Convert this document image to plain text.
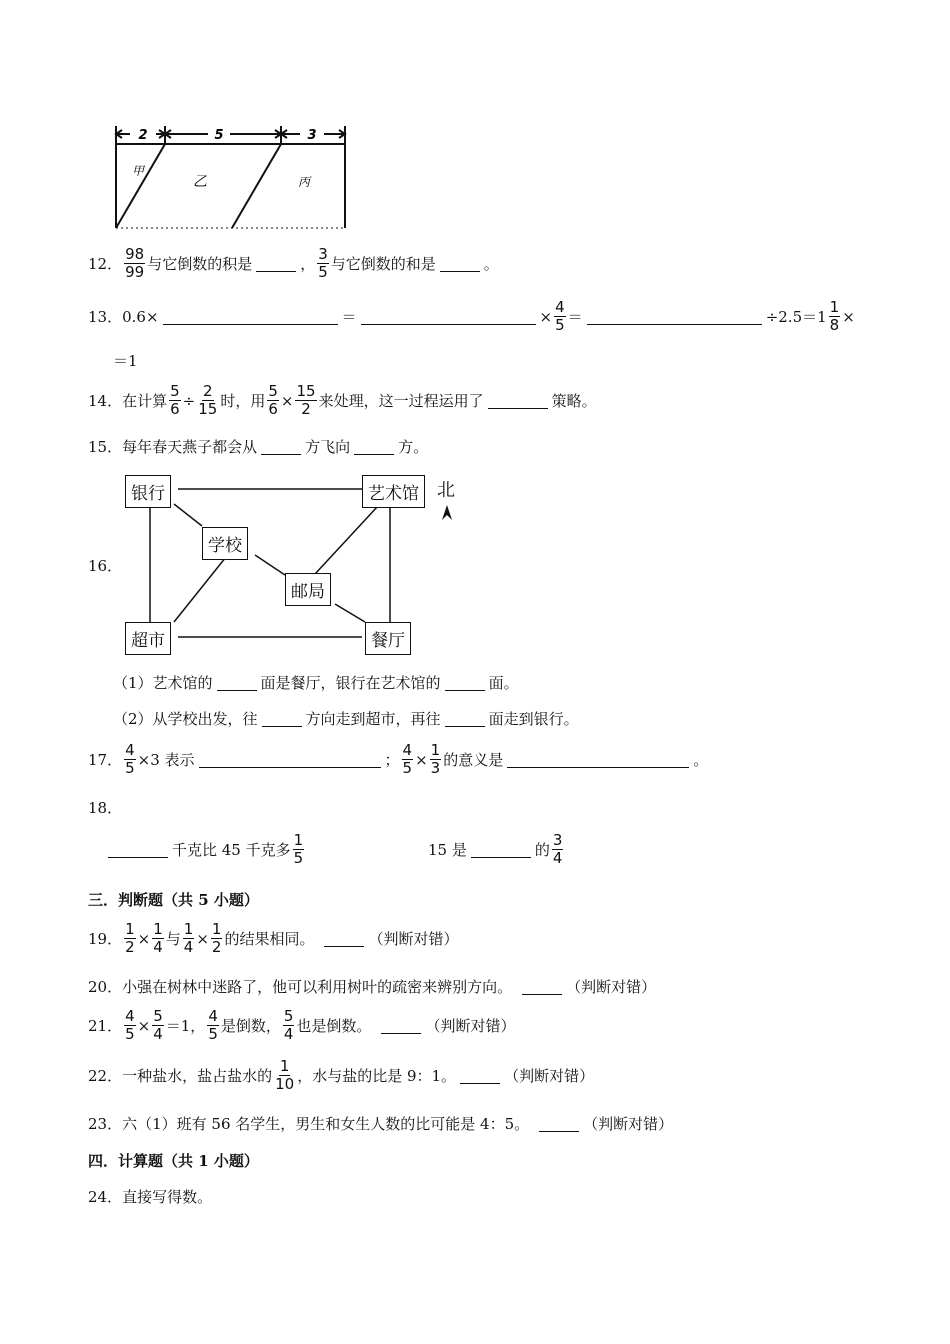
2	5	3
甲
乙	丙
12． $\frac{98}{99}$ 与它倒数的积是	， $\frac{3}{5}$ 与它倒数的和是	。
13． 0.6×	＝	× $\frac{4}{5}$ ＝	$\div 2.5=1 \frac{1}{8}$ ×
＝1
14． 在计算 $\frac{5}{6} \div \frac{2}{15}$ 时，用 $\frac{5}{6} \times \frac{15}{2}$ 来处理，这一过程运用了	策略。
15． 每年春天燕子都会从	方飞向	方。
16．
银行	艺术馆
学校
邮局
超市	餐厅
北
（1）艺术馆的	面是餐厅，银行在艺术馆的	面。
（2）从学校出发，往	方向走到超市，再往	面走到银行。
17． $\frac{4}{5} \times 3$ 表示	； $\frac{4}{5} \times \frac{1}{3}$ 的意义是	。
18．
千克比 45 千克多 $\frac{1}{5}$	15 是	的 $\frac{3}{4}$
三．判断题（共 5 小题）
19． $\frac{1}{2} \times \frac{1}{4}$ 与 $\frac{1}{4} \times \frac{1}{2}$ 的结果相同。	（判断对错）
20． 小强在树林中迷路了，他可以利用树叶的疏密来辨别方向。	（判断对错）
21． $\frac{4}{5} \times \frac{5}{4} =1$， $\frac{4}{5}$ 是倒数， $\frac{5}{4}$ 也是倒数。	（判断对错）
22． 一种盐水，盐占盐水的 $\frac{1}{10}$ ，水与盐的比是 9：1。	（判断对错）
23． 六（1）班有 56 名学生，男生和女生人数的比可能是 4：5。	（判断对错）
四．计算题（共 1 小题）
24． 直接写得数。
